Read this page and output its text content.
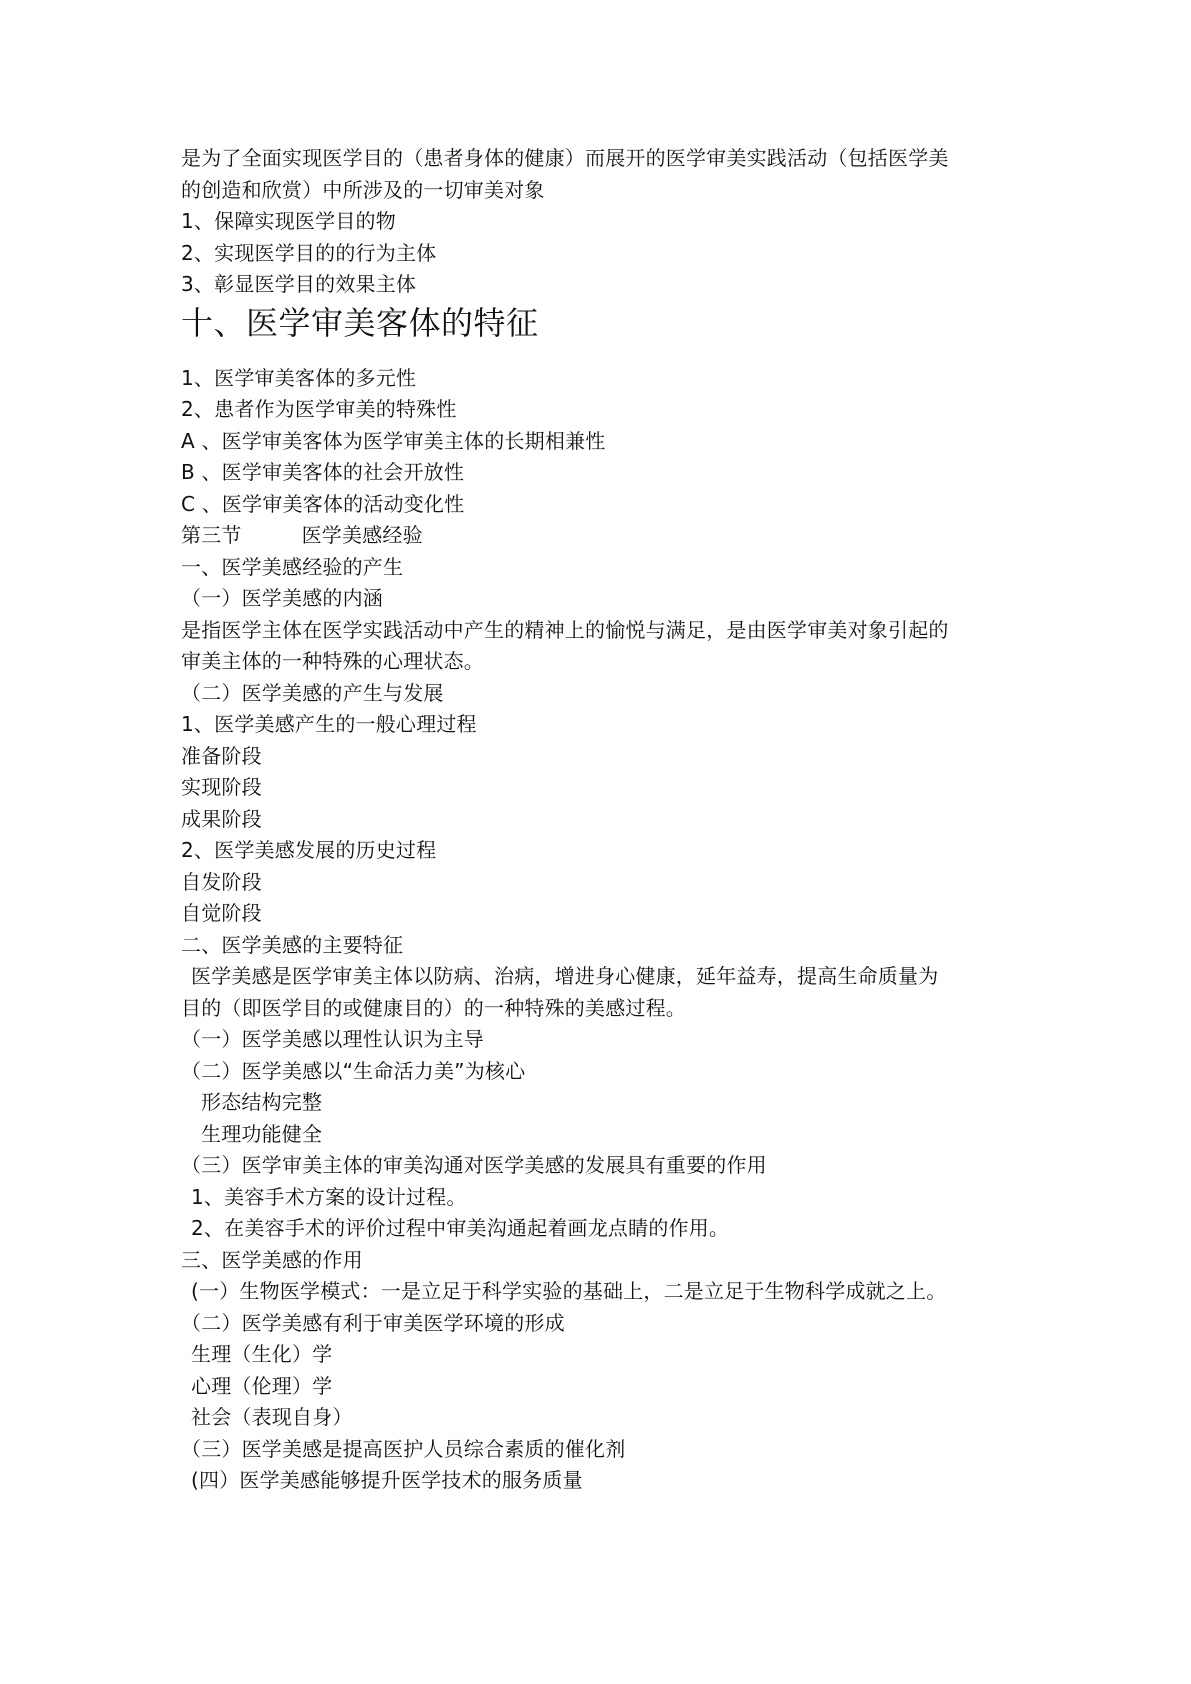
是为了全面实现医学目的（患者身体的健康）而展开的医学审美实践活动（包括医学美
的创造和欣赏）中所涉及的一切审美对象
1、保障实现医学目的物
2、实现医学目的的行为主体
3、彰显医学目的效果主体
十、医学审美客体的特征
1、医学审美客体的多元性
2、患者作为医学审美的特殊性
A 、医学审美客体为医学审美主体的长期相兼性
B 、医学审美客体的社会开放性
C 、医学审美客体的活动变化性
第三节	医学美感经验
一、医学美感经验的产生
（一）医学美感的内涵
是指医学主体在医学实践活动中产生的精神上的愉悦与满足，是由医学审美对象引起的
审美主体的一种特殊的心理状态。
（二）医学美感的产生与发展
1、医学美感产生的一般心理过程
准备阶段
实现阶段
成果阶段
2、医学美感发展的历史过程
自发阶段
自觉阶段
二、医学美感的主要特征
医学美感是医学审美主体以防病、治病，增进身心健康，延年益寿，提高生命质量为
目的（即医学目的或健康目的）的一种特殊的美感过程。
（一）医学美感以理性认识为主导
（二）医学美感以“生命活力美”为核心
形态结构完整
生理功能健全
（三）医学审美主体的审美沟通对医学美感的发展具有重要的作用
1、美容手术方案的设计过程。
2、在美容手术的评价过程中审美沟通起着画龙点睛的作用。
三、医学美感的作用
(一）生物医学模式：一是立足于科学实验的基础上，二是立足于生物科学成就之上。
（二）医学美感有利于审美医学环境的形成
生理（生化）学
心理（伦理）学
社会（表现自身）
（三）医学美感是提高医护人员综合素质的催化剂
(四）医学美感能够提升医学技术的服务质量
